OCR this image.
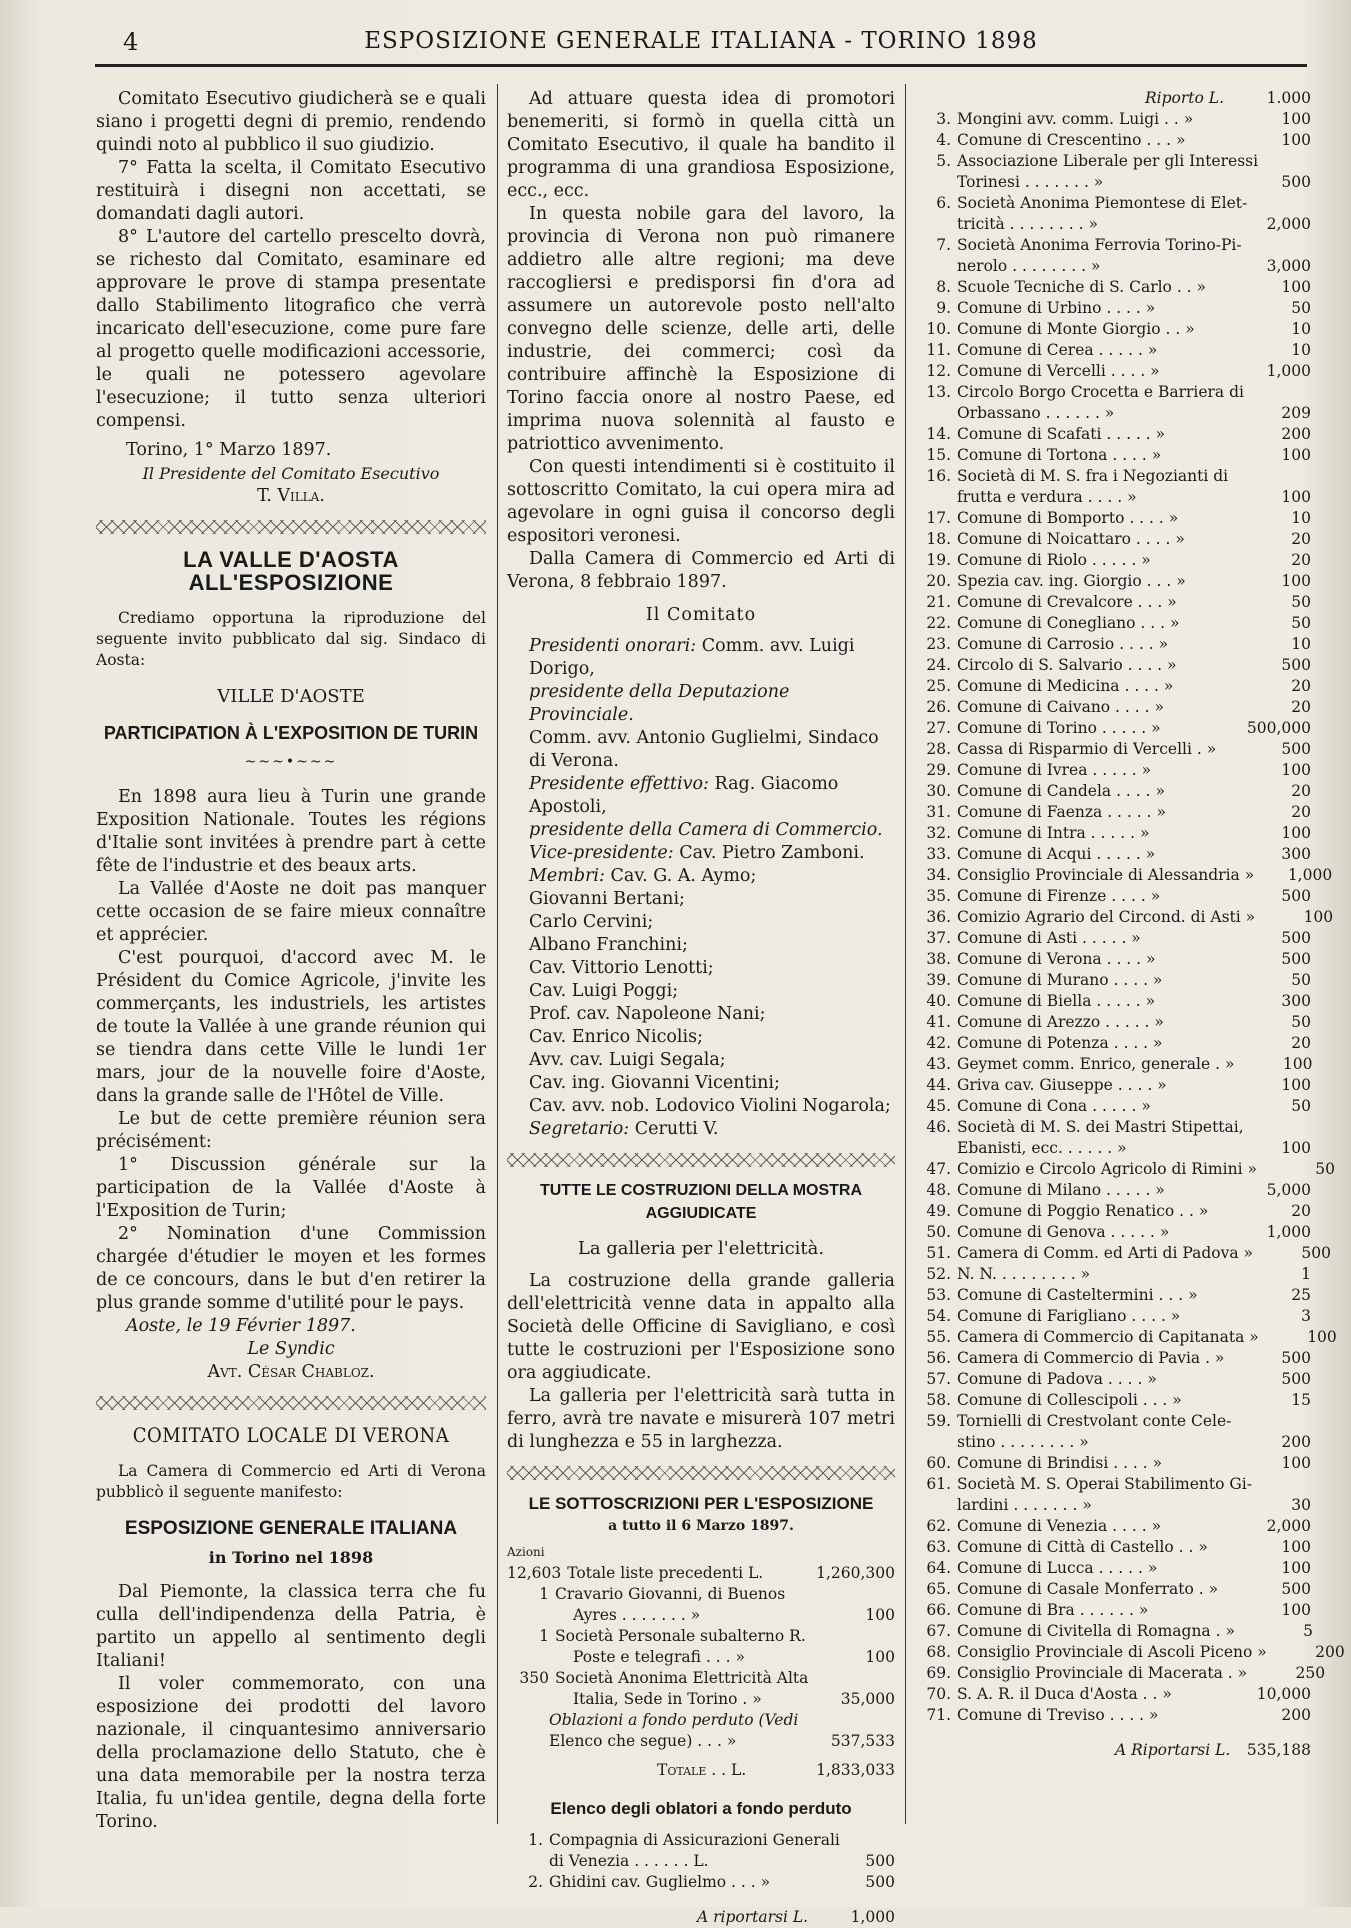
4	ESPOSIZIONE GENERALE ITALIANA - TORINO 1898

Comitato Esecutivo giudicherà se e quali siano i progetti degni di premio, rendendo quindi noto al pubblico il suo giudizio.

7° Fatta la scelta, il Comitato Esecutivo restituirà i disegni non accettati, se domandati dagli autori.

8° L'autore del cartello prescelto dovrà, se richesto dal Comitato, esaminare ed approvare le prove di stampa presentate dallo Stabilimento litografico che verrà incaricato dell'esecuzione, come pure fare al progetto quelle modificazioni accessorie, le quali ne potessero agevolare l'esecuzione; il tutto senza ulteriori compensi.

Torino, 1° Marzo 1897.

Il Presidente del Comitato Esecutivo

T. Villa.

LA VALLE D'AOSTA ALL'ESPOSIZIONE

Crediamo opportuna la riproduzione del seguente invito pubblicato dal sig. Sindaco di Aosta:

VILLE D'AOSTE
PARTICIPATION À L'EXPOSITION DE TURIN
~~~•~~~

En 1898 aura lieu à Turin une grande Exposition Nationale. Toutes les régions d'Italie sont invitées à prendre part à cette fête de l'industrie et des beaux arts.

La Vallée d'Aoste ne doit pas manquer cette occasion de se faire mieux connaître et apprécier.

C'est pourquoi, d'accord avec M. le Président du Comice Agricole, j'invite les commerçants, les industriels, les artistes de toute la Vallée à une grande réunion qui se tiendra dans cette Ville le lundi 1er mars, jour de la nouvelle foire d'Aoste, dans la grande salle de l'Hôtel de Ville.

Le but de cette première réunion sera précisément:

1° Discussion générale sur la participation de la Vallée d'Aoste à l'Exposition de Turin;

2° Nomination d'une Commission chargée d'étudier le moyen et les formes de ce concours, dans le but d'en retirer la plus grande somme d'utilité pour le pays.

Aoste, le 19 Février 1897.

Le Syndic

Avt. César Chabloz.

COMITATO LOCALE DI VERONA

La Camera di Commercio ed Arti di Verona pubblicò il seguente manifesto:

ESPOSIZIONE GENERALE ITALIANA
in Torino nel 1898

Dal Piemonte, la classica terra che fu culla dell'indipendenza della Patria, è partito un appello al sentimento degli Italiani!

Il voler commemorato, con una esposizione dei prodotti del lavoro nazionale, il cinquantesimo anniversario della proclamazione dello Statuto, che è una data memorabile per la nostra terza Italia, fu un'idea gentile, degna della forte Torino.

Ad attuare questa idea di promotori benemeriti, si formò in quella città un Comitato Esecutivo, il quale ha bandito il programma di una grandiosa Esposizione, ecc., ecc.

In questa nobile gara del lavoro, la provincia di Verona non può rimanere addietro alle altre regioni; ma deve raccogliersi e predisporsi fin d'ora ad assumere un autorevole posto nell'alto convegno delle scienze, delle arti, delle industrie, dei commerci; così da contribuire affinchè la Esposizione di Torino faccia onore al nostro Paese, ed imprima nuova solennità al fausto e patriottico avvenimento.

Con questi intendimenti si è costituito il sottoscritto Comitato, la cui opera mira ad agevolare in ogni guisa il concorso degli espositori veronesi.

Dalla Camera di Commercio ed Arti di Verona, 8 febbraio 1897.

Il Comitato

Presidenti onorari: Comm. avv. Luigi Dorigo,

presidente della Deputazione Provinciale.

Comm. avv. Antonio Guglielmi, Sindaco di Verona.

Presidente effettivo: Rag. Giacomo Apostoli,

presidente della Camera di Commercio.

Vice-presidente: Cav. Pietro Zamboni.

Membri: Cav. G. A. Aymo;

Giovanni Bertani;

Carlo Cervini;

Albano Franchini;

Cav. Vittorio Lenotti;

Cav. Luigi Poggi;

Prof. cav. Napoleone Nani;

Cav. Enrico Nicolis;

Avv. cav. Luigi Segala;

Cav. ing. Giovanni Vicentini;

Cav. avv. nob. Lodovico Violini Nogarola;

Segretario: Cerutti V.

TUTTE LE COSTRUZIONI DELLA MOSTRA AGGIUDICATE
La galleria per l'elettricità.

La costruzione della grande galleria dell'elettricità venne data in appalto alla Società delle Officine di Savigliano, e così tutte le costruzioni per l'Esposizione sono ora aggiudicate.

La galleria per l'elettricità sarà tutta in ferro, avrà tre navate e misurerà 107 metri di lunghezza e 55 in larghezza.

LE SOTTOSCRIZIONI PER L'ESPOSIZIONE
a tutto il 6 Marzo 1897.
Azioni
12,603 Totale liste precedenti L.	1,260,300
1 Cravario Giovanni, di Buenos
Ayres . . . . . . . »	100
1 Società Personale subalterno R.
Poste e telegrafi . . . »	100
350 Società Anonima Elettricità Alta
Italia, Sede in Torino . »	35,000
Oblazioni a fondo perduto (Vedi
Elenco che segue) . . . »	537,533
Totale . . L.	1,833,033
Elenco degli oblatori a fondo perduto
1. Compagnia di Assicurazioni Generali
di Venezia . . . . . . L.	500
2. Ghidini cav. Guglielmo . . . »	500
A riportarsi L.	1,000
Riporto L.	1.000
3. Mongini avv. comm. Luigi . . »	100
4. Comune di Crescentino . . . »	100
5. Associazione Liberale per gli Interessi
Torinesi . . . . . . . »	500
6. Società Anonima Piemontese di Elet-
tricità . . . . . . . . »	2,000
7. Società Anonima Ferrovia Torino-Pi-
nerolo . . . . . . . . »	3,000
8. Scuole Tecniche di S. Carlo . . »	100
9. Comune di Urbino . . . . »	50
10. Comune di Monte Giorgio . . »	10
11. Comune di Cerea . . . . . »	10
12. Comune di Vercelli . . . . »	1,000
13. Circolo Borgo Crocetta e Barriera di
Orbassano . . . . . . »	209
14. Comune di Scafati . . . . . »	200
15. Comune di Tortona . . . . »	100
16. Società di M. S. fra i Negozianti di
frutta e verdura . . . . »	100
17. Comune di Bomporto . . . . »	10
18. Comune di Noicattaro . . . . »	20
19. Comune di Riolo . . . . . »	20
20. Spezia cav. ing. Giorgio . . . »	100
21. Comune di Crevalcore . . . »	50
22. Comune di Conegliano . . . »	50
23. Comune di Carrosio . . . . »	10
24. Circolo di S. Salvario . . . . »	500
25. Comune di Medicina . . . . »	20
26. Comune di Caivano . . . . »	20
27. Comune di Torino . . . . . »	500,000
28. Cassa di Risparmio di Vercelli . »	500
29. Comune di Ivrea . . . . . »	100
30. Comune di Candela . . . . »	20
31. Comune di Faenza . . . . . »	20
32. Comune di Intra . . . . . »	100
33. Comune di Acqui . . . . . »	300
34. Consiglio Provinciale di Alessandria »	1,000
35. Comune di Firenze . . . . »	500
36. Comizio Agrario del Circond. di Asti »	100
37. Comune di Asti . . . . . »	500
38. Comune di Verona . . . . »	500
39. Comune di Murano . . . . »	50
40. Comune di Biella . . . . . »	300
41. Comune di Arezzo . . . . . »	50
42. Comune di Potenza . . . . »	20
43. Geymet comm. Enrico, generale . »	100
44. Griva cav. Giuseppe . . . . »	100
45. Comune di Cona . . . . . »	50
46. Società di M. S. dei Mastri Stipettai,
Ebanisti, ecc. . . . . . »	100
47. Comizio e Circolo Agricolo di Rimini »	50
48. Comune di Milano . . . . . »	5,000
49. Comune di Poggio Renatico . . »	20
50. Comune di Genova . . . . . »	1,000
51. Camera di Comm. ed Arti di Padova »	500
52. N. N. . . . . . . . . »	1
53. Comune di Casteltermini . . . »	25
54. Comune di Farigliano . . . . »	3
55. Camera di Commercio di Capitanata »	100
56. Camera di Commercio di Pavia . »	500
57. Comune di Padova . . . . »	500
58. Comune di Collescipoli . . . »	15
59. Tornielli di Crestvolant conte Cele-
stino . . . . . . . . »	200
60. Comune di Brindisi . . . . »	100
61. Società M. S. Operai Stabilimento Gi-
lardini . . . . . . . »	30
62. Comune di Venezia . . . . »	2,000
63. Comune di Città di Castello . . »	100
64. Comune di Lucca . . . . . »	100
65. Comune di Casale Monferrato . »	500
66. Comune di Bra . . . . . . »	100
67. Comune di Civitella di Romagna . »	5
68. Consiglio Provinciale di Ascoli Piceno »	200
69. Consiglio Provinciale di Macerata . »	250
70. S. A. R. il Duca d'Aosta . . »	10,000
71. Comune di Treviso . . . . »	200
A Riportarsi L.	535,188
